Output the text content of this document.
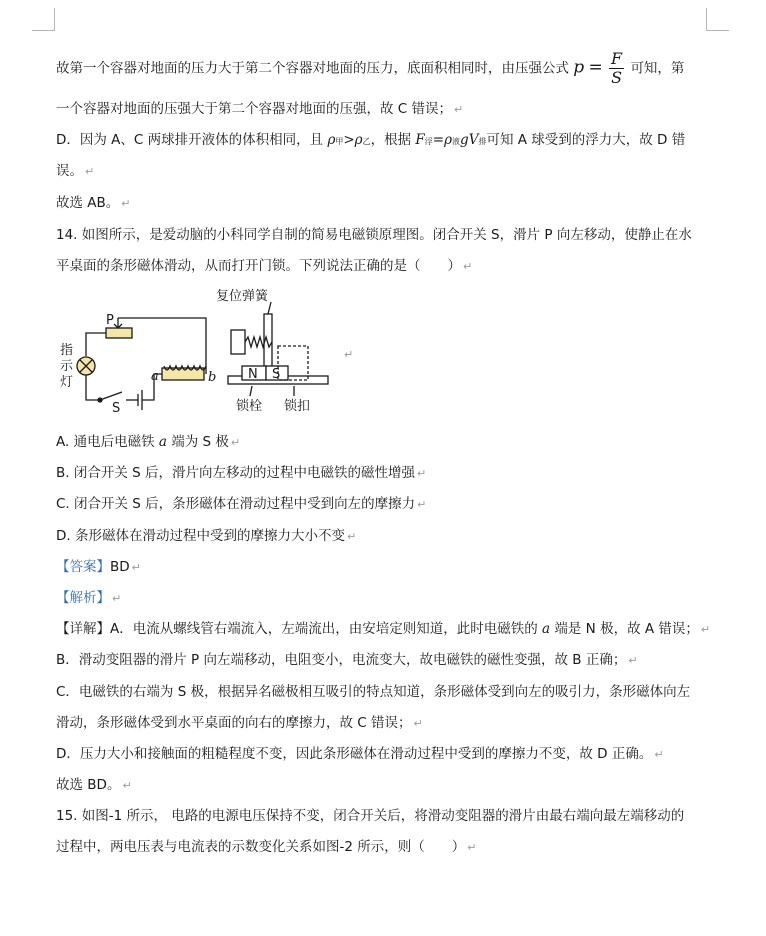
故第一个容器对地面的压力大于第二个容器对地面的压力，底面积相同时，由压强公式 $p = \frac{F}{S}$ 可知，第
一个容器对地面的压强大于第二个容器对地面的压强，故 C 错误； ↵
D．因为 A、C 两球排开液体的体积相同，且 ρ甲>ρ乙，根据 F浮=ρ液gV排可知 A 球受到的浮力大，故 D 错
误。 ↵
故选 AB。 ↵
14. 如图所示，是爱动脑的小科同学自制的简易电磁锁原理图。闭合开关 S，滑片 P 向左移动，使静止在水
平桌面的条形磁体滑动，从而打开门锁。下列说法正确的是（　　） ↵
复位弹簧
P
指
示
灯	a	b
S
N S
锁栓 锁扣
↵
A. 通电后电磁铁 a 端为 S 极 ↵
B. 闭合开关 S 后，滑片向左移动的过程中电磁铁的磁性增强 ↵
C. 闭合开关 S 后，条形磁体在滑动过程中受到向左的摩擦力 ↵
D. 条形磁体在滑动过程中受到的摩擦力大小不变 ↵
【答案】BD ↵
【解析】 ↵
【详解】A．电流从螺线管右端流入，左端流出，由安培定则知道，此时电磁铁的 a 端是 N 极，故 A 错误； ↵
B．滑动变阻器的滑片 P 向左端移动，电阻变小，电流变大，故电磁铁的磁性变强，故 B 正确； ↵
C．电磁铁的右端为 S 极，根据异名磁极相互吸引的特点知道，条形磁体受到向左的吸引力，条形磁体向左
滑动，条形磁体受到水平桌面的向右的摩擦力，故 C 错误； ↵
D．压力大小和接触面的粗糙程度不变，因此条形磁体在滑动过程中受到的摩擦力不变，故 D 正确。 ↵
故选 BD。 ↵
15. 如图-1 所示， 电路的电源电压保持不变，闭合开关后，将滑动变阻器的滑片由最右端向最左端移动的
过程中，两电压表与电流表的示数变化关系如图-2 所示，则（　　） ↵
